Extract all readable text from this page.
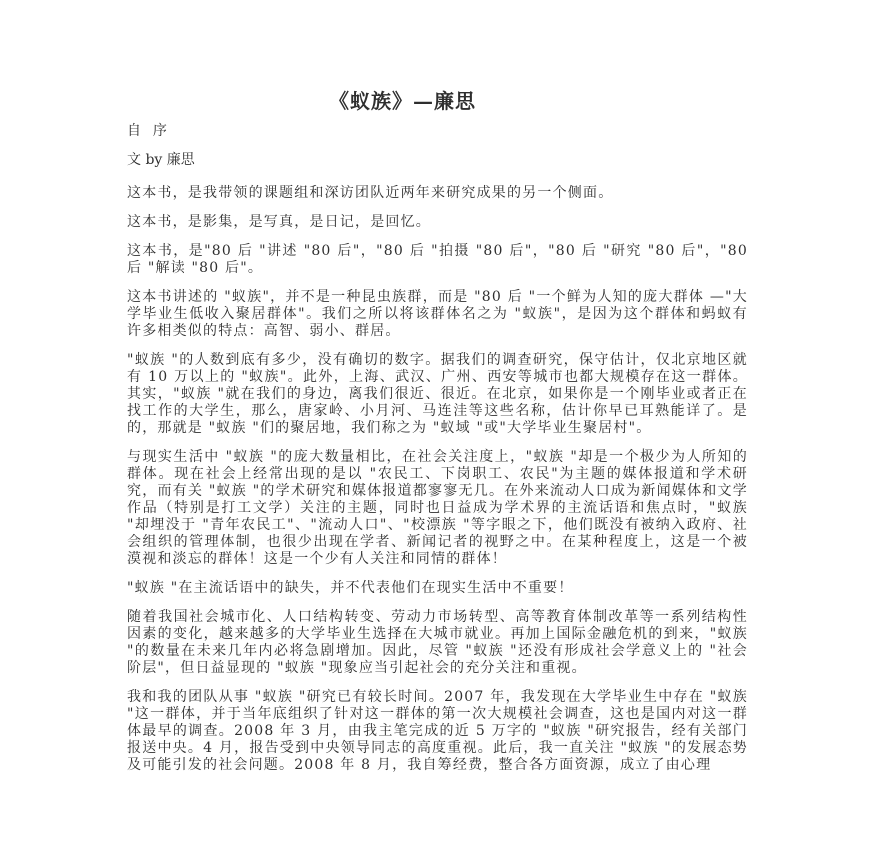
《蚁族》—廉思
自  序
文 by 廉思

这本书，是我带领的课题组和深访团队近两年来研究成果的另一个侧面。

这本书，是影集，是写真，是日记，是回忆。

这本书，是"80 后 "讲述 "80 后"，"80 后 "拍摄 "80 后"，"80 后 "研究 "80 后"，"80 后 "解读 "80 后"。

这本书讲述的 "蚁族"，并不是一种昆虫族群，而是 "80 后 "一个鲜为人知的庞大群体 —"大学毕业生低收入聚居群体"。我们之所以将该群体名之为 "蚁族"，是因为这个群体和蚂蚁有许多相类似的特点：高智、弱小、群居。

"蚁族 "的人数到底有多少，没有确切的数字。据我们的调查研究，保守估计，仅北京地区就有 10 万以上的 "蚁族"。此外，上海、武汉、广州、西安等城市也都大规模存在这一群体。其实，"蚁族 "就在我们的身边，离我们很近、很近。在北京，如果你是一个刚毕业或者正在找工作的大学生，那么，唐家岭、小月河、马连洼等这些名称，估计你早已耳熟能详了。是的，那就是 "蚁族 "们的聚居地，我们称之为 "蚁域 "或"大学毕业生聚居村"。

与现实生活中 "蚁族 "的庞大数量相比，在社会关注度上，"蚁族 "却是一个极少为人所知的群体。现在社会上经常出现的是以 "农民工、下岗职工、农民"为主题的媒体报道和学术研究，而有关 "蚁族 "的学术研究和媒体报道都寥寥无几。在外来流动人口成为新闻媒体和文学作品（特别是打工文学）关注的主题，同时也日益成为学术界的主流话语和焦点时，"蚁族 "却埋没于 "青年农民工"、"流动人口"、"校漂族 "等字眼之下，他们既没有被纳入政府、社会组织的管理体制，也很少出现在学者、新闻记者的视野之中。在某种程度上，这是一个被漠视和淡忘的群体！这是一个少有人关注和同情的群体！

"蚁族 "在主流话语中的缺失，并不代表他们在现实生活中不重要！

随着我国社会城市化、人口结构转变、劳动力市场转型、高等教育体制改革等一系列结构性因素的变化，越来越多的大学毕业生选择在大城市就业。再加上国际金融危机的到来，"蚁族 "的数量在未来几年内必将急剧增加。因此，尽管 "蚁族 "还没有形成社会学意义上的 "社会阶层"，但日益显现的 "蚁族 "现象应当引起社会的充分关注和重视。

我和我的团队从事 "蚁族 "研究已有较长时间。2007 年，我发现在大学毕业生中存在 "蚁族 "这一群体，并于当年底组织了针对这一群体的第一次大规模社会调查，这也是国内对这一群体最早的调查。2008 年 3 月，由我主笔完成的近 5 万字的 "蚁族 "研究报告，经有关部门报送中央。4 月，报告受到中央领导同志的高度重视。此后，我一直关注 "蚁族 "的发展态势及可能引发的社会问题。2008 年 8 月，我自筹经费，整合各方面资源，成立了由心理
